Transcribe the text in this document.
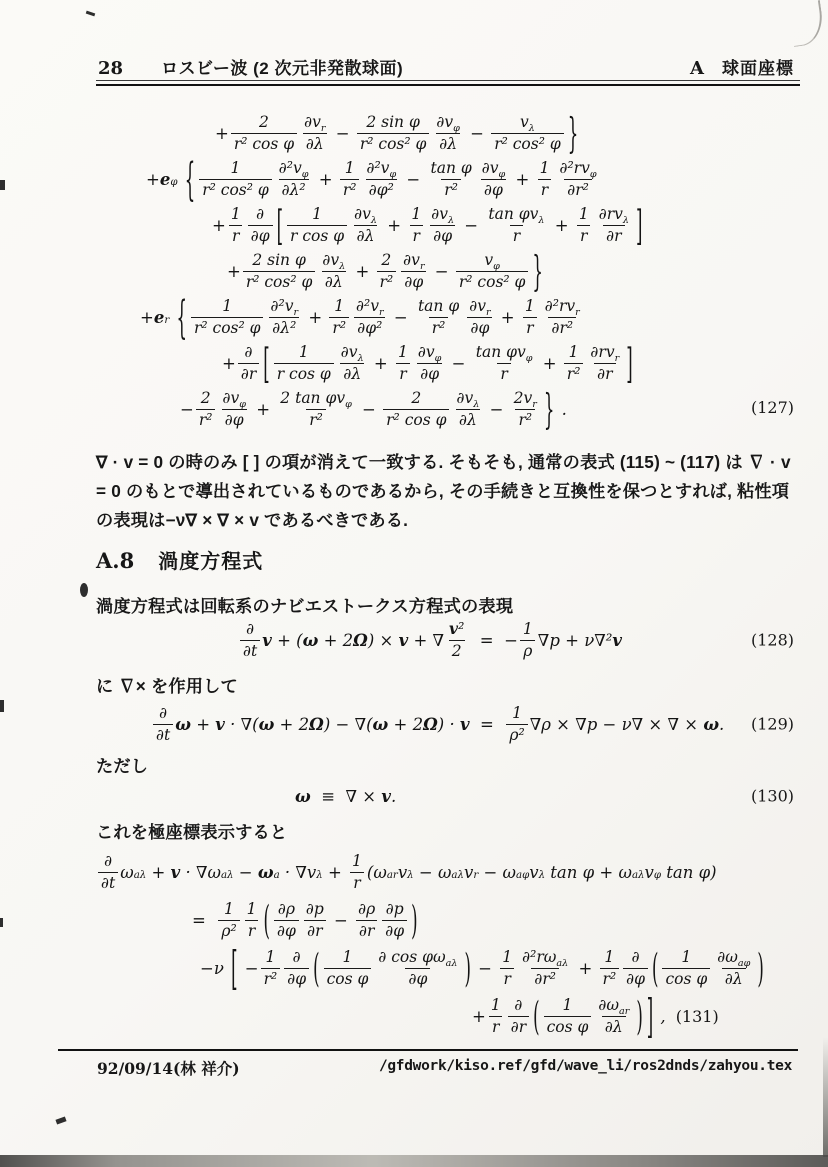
28 ロスビー波 (2 次元非発散球面)	A 球面座標
+ $\frac{2}{\text{r² cos φ}} \frac{\partial v_r}{\partial\lambda} - \frac{\text{2 sin φ}}{\text{r² cos² φ}} \frac{\partial v_\varphi}{\partial\lambda} - \frac{v_\lambda}{\text{r² cos² φ}}$ }
+ e φ
{ $\frac{1}{\text{r² cos² φ}} \frac{\partial^2v_\varphi}{\text{∂λ²}} + \frac{1}{\text{r²}} \frac{\partial^2v_\varphi}{\text{∂φ²}} - \frac{\text{tan φ}}{\text{r²}} \frac{\partial v_\varphi}{\partial\varphi} + \frac{1}{r} \frac{\partial^2rv_\varphi}{\text{∂r²}}$
+ $\frac{1}{r} \frac{\partial}{\partial\varphi}$ [ $\frac{1}{\text{r cos φ}} \frac{\partial v_\lambda}{\partial\lambda} + \frac{1}{r} \frac{\partial v_\lambda}{\partial\varphi} - \frac{\tan \varphi v_\lambda}{r} + \frac{1}{r} \frac{\partial rv_\lambda}{\partial r}$ ]
+ $\frac{\text{2 sin φ}}{\text{r² cos² φ}} \frac{\partial v_\lambda}{\partial\lambda} + \frac{2}{\text{r²}} \frac{\partial v_r}{\partial\varphi} - \frac{v_\varphi}{\text{r² cos² φ}}$ }
+ e r
{ $\frac{1}{\text{r² cos² φ}} \frac{\partial^2v_r}{\text{∂λ²}} + \frac{1}{\text{r²}} \frac{\partial^2v_r}{\text{∂φ²}} - \frac{\text{tan φ}}{\text{r²}} \frac{\partial v_r}{\partial\varphi} + \frac{1}{r} \frac{\partial^2rv_r}{\text{∂r²}}$
+ $\frac{\partial}{\partial r}$ [ $\frac{1}{\text{r cos φ}} \frac{\partial v_\lambda}{\partial\lambda} + \frac{1}{r} \frac{\partial v_\varphi}{\partial\varphi} - \frac{\tan \varphi v_\varphi}{r} + \frac{1}{\text{r²}} \frac{\partial rv_r}{\partial r}$ ]
− $\frac{2}{\text{r²}} \frac{\partial v_\varphi}{\partial\varphi} + \frac{2 \tan \varphi v_\varphi}{\text{r²}} - \frac{2}{\text{r² cos φ}} \frac{\partial v_\lambda}{\partial\lambda} - \frac{2v_r}{\text{r²}}$ } .	(127)
∇ · v = 0 の時のみ [ ] の項が消えて一致する. そもそも, 通常の表式 (115) ~ (117) は ∇ · v = 0 のもとで導出されているものであるから, その手続きと互換性を保つとすれば, 粘性項の表現は−ν∇ × ∇ × v であるべきである.
A.8 渦度方程式
渦度方程式は回転系のナビエストークス方程式の表現
$\frac{\partial}{\partial t}$ v + ( ω + 2 Ω ) × v + ∇ $\frac{\text{v²}}{2}$ =  − $\frac{1}{\rho} \nabla p + \nu\nabla^2$ v	(128)
に ∇× を作用して
$\frac{\partial}{\partial t}$ ω + v · ∇( ω + 2 Ω ) − ∇( ω + 2 Ω ) · $v = \frac{1}{\text{ρ²}} \nabla\rho \times \nabla p - \nu\nabla$ × ∇ × ω . (129)
ただし
ω ≡  ∇ × v .	(130)
これを極座標表示すると
$\frac{\partial}{\partial t}$ ω aλ + v · ∇ω aλ − ω a · ∇v $\lambda + \frac{1}{r} (\omega$ ar v λ − ω aλ v r − ω aφ v λ tan φ + ω aλ v φ tan φ)
= $\frac{1}{\text{ρ²}} \frac{1}{r}$ ( $\frac{\partial\rho}{\partial\varphi} \frac{\partial p}{\partial r} - \frac{\partial\rho}{\partial r} \frac{\partial p}{\partial\varphi}$ )
−ν [ − $\frac{1}{\text{r²}} \frac{\partial}{\partial\varphi}$ ( $\frac{1}{\text{cos φ}} \frac{\partial \cos \varphi\omega_{a\lambda}}{\partial\varphi}$ ) − $\frac{1}{r} \frac{\partial^2r\omega_{a\lambda}}{\text{∂r²}} + \frac{1}{\text{r²}} \frac{\partial}{\partial\varphi}$ ( $\frac{1}{\text{cos φ}} \frac{\partial\omega_{a\varphi}}{\partial\lambda}$ )
+ $\frac{1}{r} \frac{\partial}{\partial r}$ ( $\frac{1}{\text{cos φ}} \frac{\partial\omega_{ar}}{\partial\lambda}$ ) ] , (131)
92/09/14(林 祥介)	/gfdwork/kiso.ref/gfd/wave_li/ros2dnds/zahyou.tex
